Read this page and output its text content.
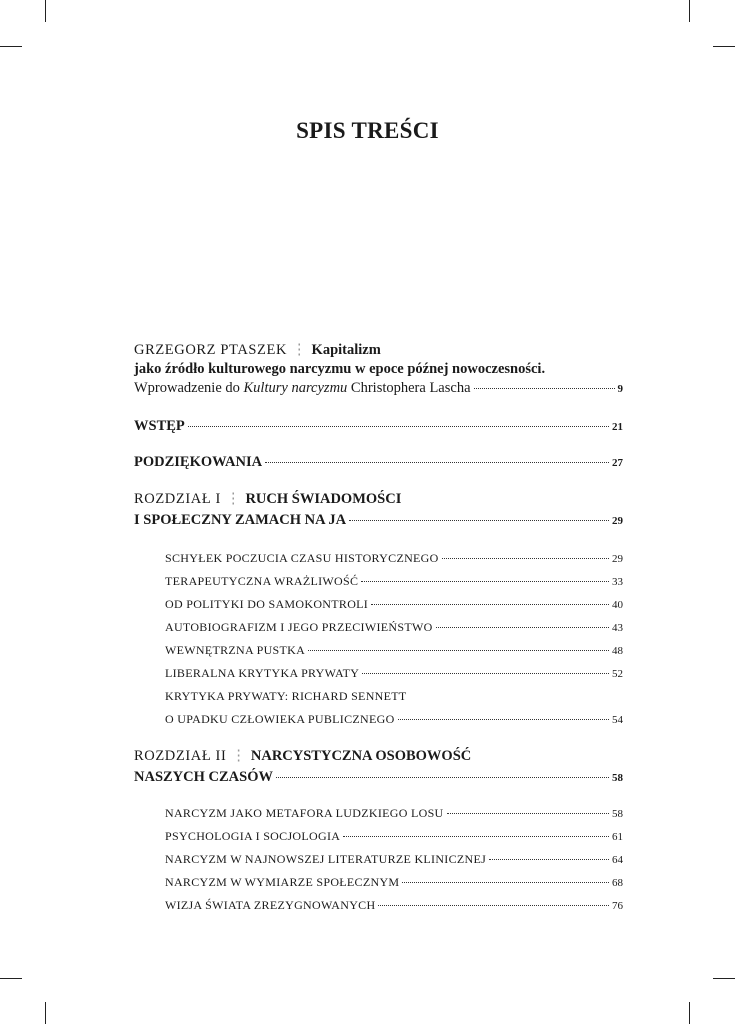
SPIS TREŚCI
GRZEGORZ PTASZEK ⋮ Kapitalizm
jako źródło kulturowego narcyzmu w epoce późnej nowoczesności.
Wprowadzenie do Kultury narcyzmu Christophera Lascha	9
WSTĘP	21
PODZIĘKOWANIA	27
ROZDZIAŁ I ⋮ RUCH ŚWIADOMOŚCI
I SPOŁECZNY ZAMACH NA JA	29
SCHYŁEK POCZUCIA CZASU HISTORYCZNEGO	29
TERAPEUTYCZNA WRAŻLIWOŚĆ	33
OD POLITYKI DO SAMOKONTROLI	40
AUTOBIOGRAFIZM I JEGO PRZECIWIEŃSTWO	43
WEWNĘTRZNA PUSTKA	48
LIBERALNA KRYTYKA PRYWATY	52
KRYTYKA PRYWATY: RICHARD SENNETT
O UPADKU CZŁOWIEKA PUBLICZNEGO	54
ROZDZIAŁ II ⋮ NARCYSTYCZNA OSOBOWOŚĆ
NASZYCH CZASÓW	58
NARCYZM JAKO METAFORA LUDZKIEGO LOSU	58
PSYCHOLOGIA I SOCJOLOGIA	61
NARCYZM W NAJNOWSZEJ LITERATURZE KLINICZNEJ	64
NARCYZM W WYMIARZE SPOŁECZNYM	68
WIZJA ŚWIATA ZREZYGNOWANYCH	76
